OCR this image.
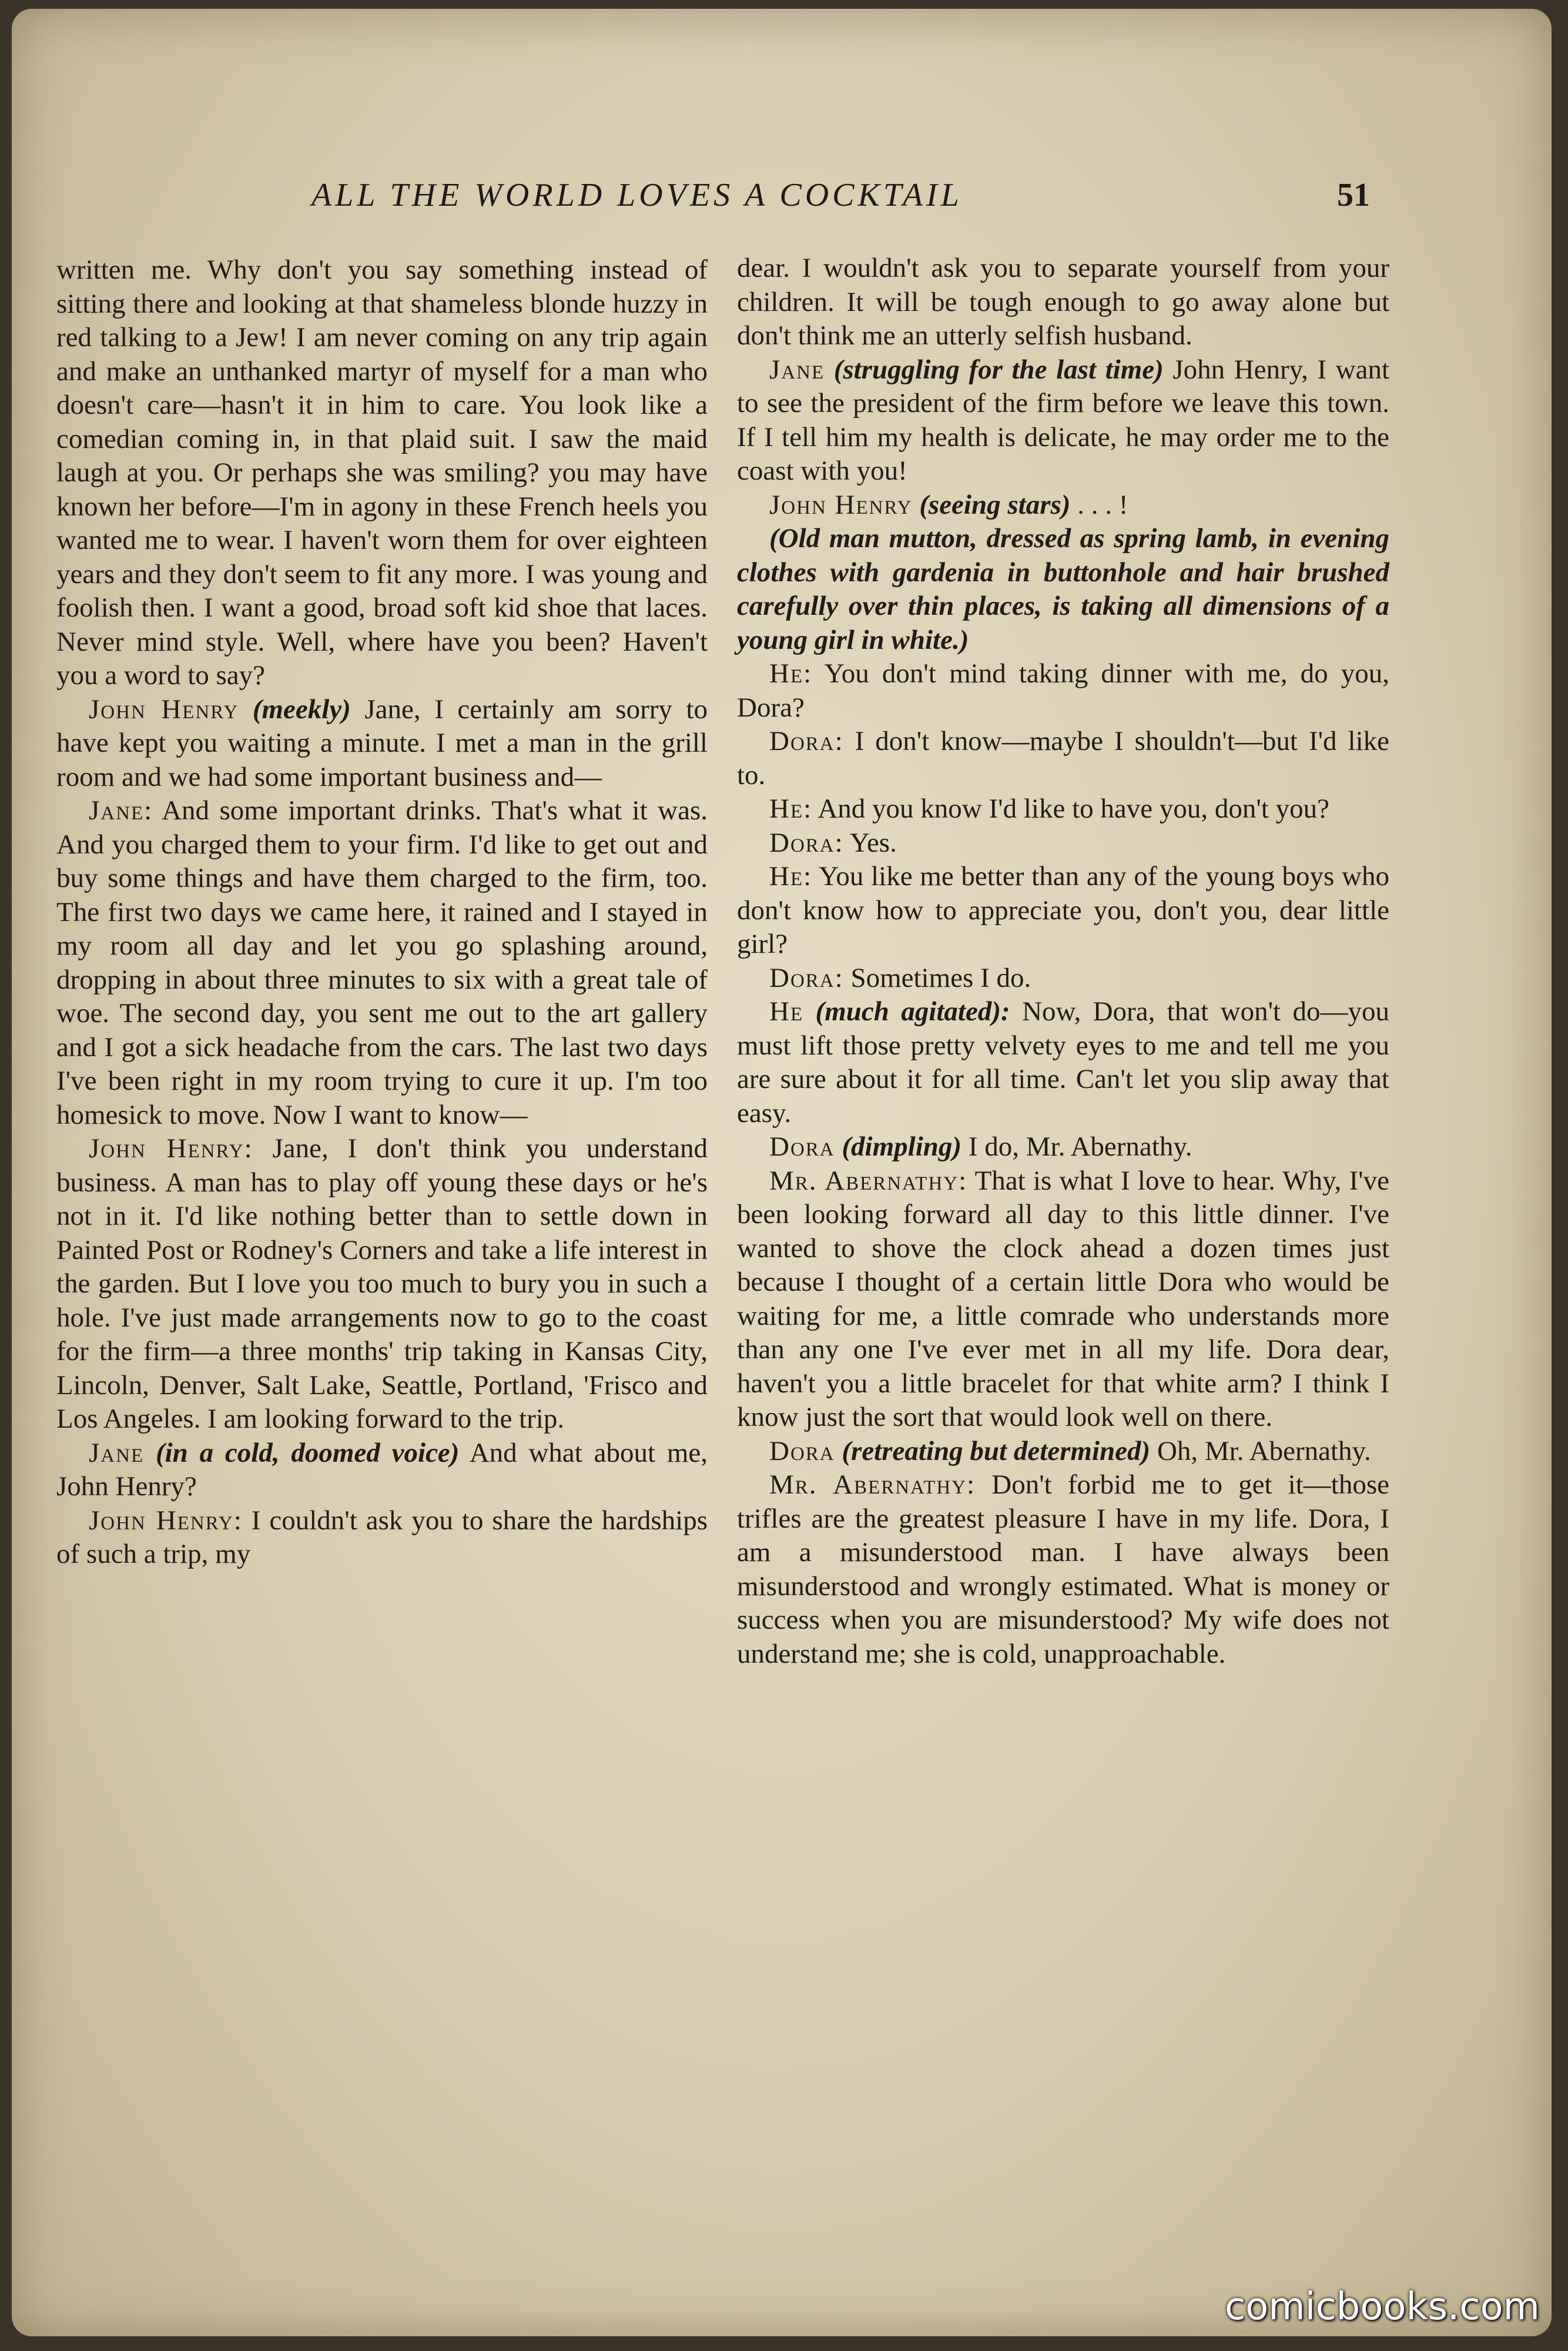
ALL THE WORLD LOVES A COCKTAIL	51

written me. Why don't you say something instead of sitting there and looking at that shameless blonde huzzy in red talking to a Jew! I am never coming on any trip again and make an unthanked martyr of myself for a man who doesn't care—hasn't it in him to care. You look like a comedian coming in, in that plaid suit. I saw the maid laugh at you. Or perhaps she was smiling? you may have known her before—I'm in agony in these French heels you wanted me to wear. I haven't worn them for over eighteen years and they don't seem to fit any more. I was young and foolish then. I want a good, broad soft kid shoe that laces. Never mind style. Well, where have you been? Haven't you a word to say?

John Henry (meekly) Jane, I certainly am sorry to have kept you waiting a minute. I met a man in the grill room and we had some important business and—

Jane: And some important drinks. That's what it was. And you charged them to your firm. I'd like to get out and buy some things and have them charged to the firm, too. The first two days we came here, it rained and I stayed in my room all day and let you go splashing around, dropping in about three minutes to six with a great tale of woe. The second day, you sent me out to the art gallery and I got a sick headache from the cars. The last two days I've been right in my room trying to cure it up. I'm too homesick to move. Now I want to know—

John Henry: Jane, I don't think you understand business. A man has to play off young these days or he's not in it. I'd like nothing better than to settle down in Painted Post or Rodney's Corners and take a life interest in the garden. But I love you too much to bury you in such a hole. I've just made arrangements now to go to the coast for the firm—a three months' trip taking in Kansas City, Lincoln, Denver, Salt Lake, Seattle, Portland, 'Frisco and Los Angeles. I am looking forward to the trip.

Jane (in a cold, doomed voice) And what about me, John Henry?

John Henry: I couldn't ask you to share the hardships of such a trip, my

dear. I wouldn't ask you to separate yourself from your children. It will be tough enough to go away alone but don't think me an utterly selfish husband.

Jane (struggling for the last time) John Henry, I want to see the president of the firm before we leave this town. If I tell him my health is delicate, he may order me to the coast with you!

John Henry (seeing stars) . . . !

(Old man mutton, dressed as spring lamb, in evening clothes with gardenia in buttonhole and hair brushed carefully over thin places, is taking all dimensions of a young girl in white.)

He: You don't mind taking dinner with me, do you, Dora?

Dora: I don't know—maybe I shouldn't—but I'd like to.

He: And you know I'd like to have you, don't you?

Dora: Yes.

He: You like me better than any of the young boys who don't know how to appreciate you, don't you, dear little girl?

Dora: Sometimes I do.

He (much agitated): Now, Dora, that won't do—you must lift those pretty velvety eyes to me and tell me you are sure about it for all time. Can't let you slip away that easy.

Dora (dimpling) I do, Mr. Abernathy.

Mr. Abernathy: That is what I love to hear. Why, I've been looking forward all day to this little dinner. I've wanted to shove the clock ahead a dozen times just because I thought of a certain little Dora who would be waiting for me, a little comrade who understands more than any one I've ever met in all my life. Dora dear, haven't you a little bracelet for that white arm? I think I know just the sort that would look well on there.

Dora (retreating but determined) Oh, Mr. Abernathy.

Mr. Abernathy: Don't forbid me to get it—those trifles are the greatest pleasure I have in my life. Dora, I am a misunderstood man. I have always been misunderstood and wrongly estimated. What is money or success when you are misunderstood? My wife does not understand me; she is cold, unapproachable.

comicbooks.com
